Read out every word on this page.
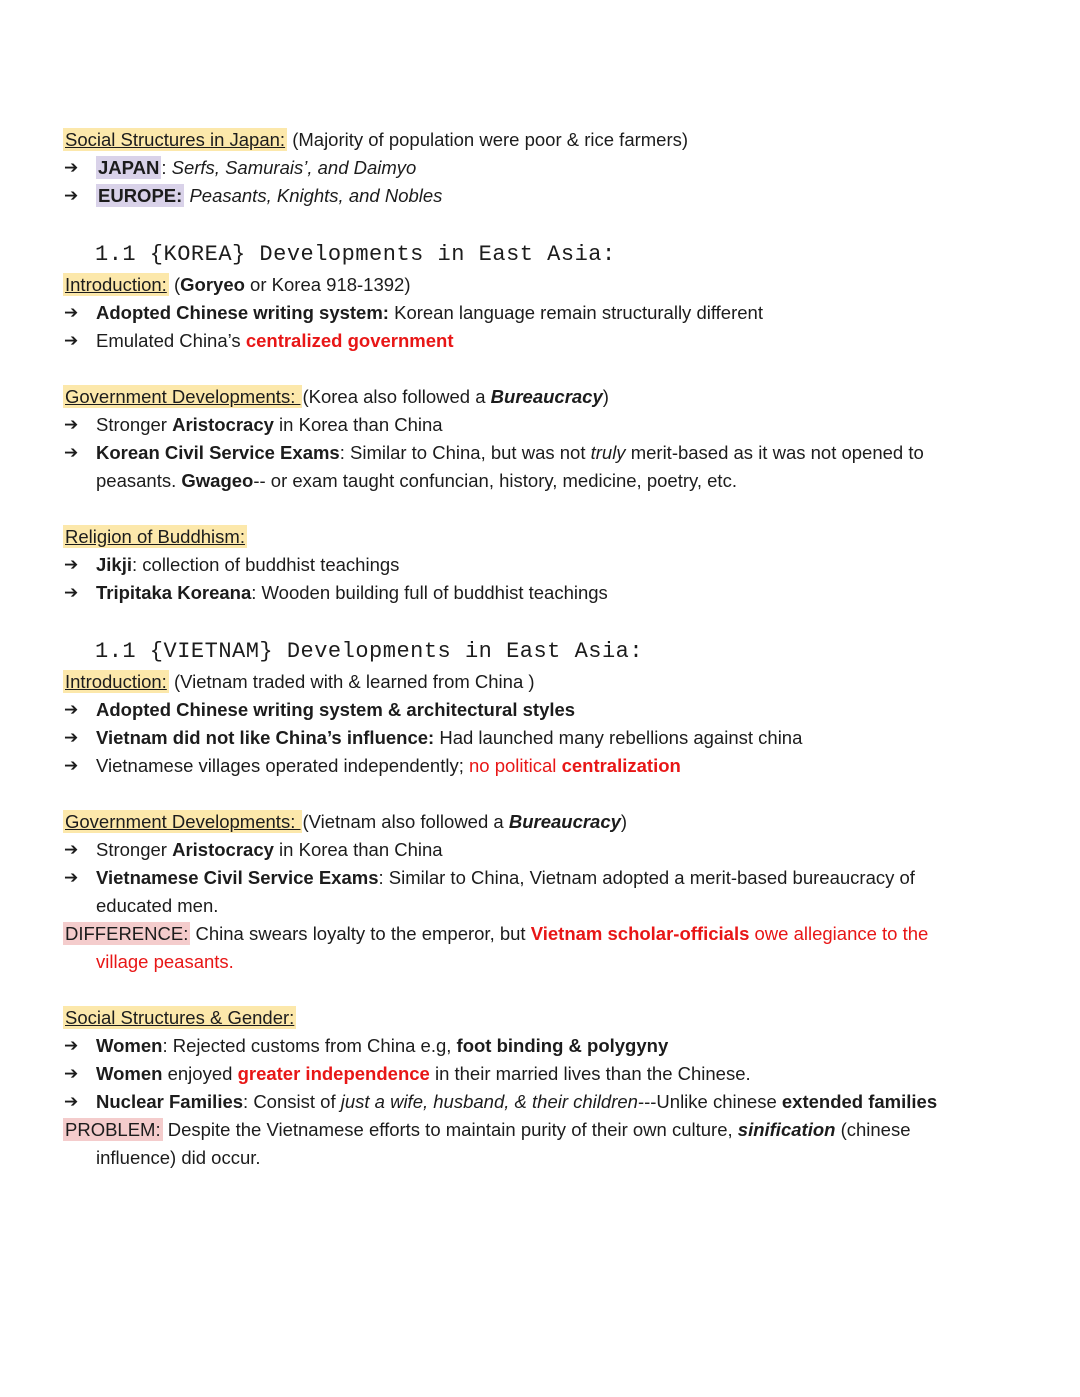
Social Structures in Japan: (Majority of population were poor & rice farmers)
➔ JAPAN : Serfs, Samurais’, and Daimyo
➔ EUROPE: Peasants, Knights, and Nobles
1.1 {KOREA} Developments in East Asia:
Introduction: (Goryeo or Korea 918-1392)
➔ Adopted Chinese writing system: Korean language remain structurally different
➔ Emulated China’s centralized government
Government Developments: (Korea also followed a Bureaucracy)
➔ Stronger Aristocracy in Korea than China
➔ Korean Civil Service Exams: Similar to China, but was not truly merit-based as it was not opened to peasants. Gwageo-- or exam taught confuncian, history, medicine, poetry, etc.
Religion of Buddhism:
➔ Jikji: collection of buddhist teachings
➔ Tripitaka Koreana: Wooden building full of buddhist teachings
1.1 {VIETNAM} Developments in East Asia:
Introduction: (Vietnam traded with & learned from China )
➔ Adopted Chinese writing system & architectural styles
➔ Vietnam did not like China’s influence: Had launched many rebellions against china
➔ Vietnamese villages operated independently; no political centralization
Government Developments: (Vietnam also followed a Bureaucracy)
➔ Stronger Aristocracy in Korea than China
➔ Vietnamese Civil Service Exams: Similar to China, Vietnam adopted a merit-based bureaucracy of educated men.
DIFFERENCE: China swears loyalty to the emperor, but Vietnam scholar-officials owe allegiance to the village peasants.
Social Structures & Gender:
➔ Women: Rejected customs from China e.g, foot binding & polygyny
➔ Women enjoyed greater independence in their married lives than the Chinese.
➔ Nuclear Families: Consist of just a wife, husband, & their children---Unlike chinese extended families
PROBLEM: Despite the Vietnamese efforts to maintain purity of their own culture, sinification (chinese influence) did occur.
